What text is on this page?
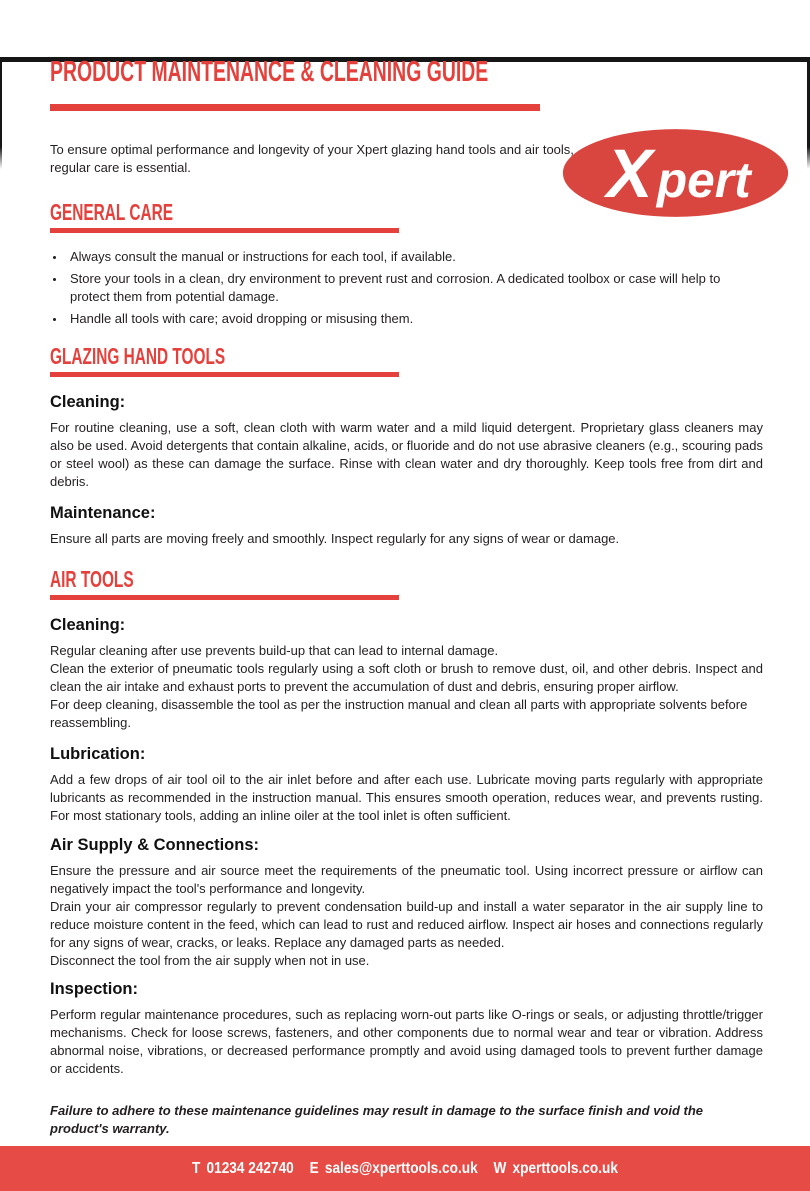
X pert
PRODUCT MAINTENANCE & CLEANING GUIDE

To ensure optimal performance and longevity of your Xpert glazing hand tools and air tools, regular care is essential.

GENERAL CARE
Always consult the manual or instructions for each tool, if available.
Store your tools in a clean, dry environment to prevent rust and corrosion. A dedicated toolbox or case will help to protect them from potential damage.
Handle all tools with care; avoid dropping or misusing them.
GLAZING HAND TOOLS
Cleaning:

For routine cleaning, use a soft, clean cloth with warm water and a mild liquid detergent. Proprietary glass cleaners may also be used. Avoid detergents that contain alkaline, acids, or fluoride and do not use abrasive cleaners (e.g., scouring pads or steel wool) as these can damage the surface. Rinse with clean water and dry thoroughly. Keep tools free from dirt and debris.

Maintenance:

Ensure all parts are moving freely and smoothly. Inspect regularly for any signs of wear or damage.

AIR TOOLS
Cleaning:

Regular cleaning after use prevents build-up that can lead to internal damage.

Clean the exterior of pneumatic tools regularly using a soft cloth or brush to remove dust, oil, and other debris. Inspect and clean the air intake and exhaust ports to prevent the accumulation of dust and debris, ensuring proper airflow.

For deep cleaning, disassemble the tool as per the instruction manual and clean all parts with appropriate solvents before reassembling.

Lubrication:

Add a few drops of air tool oil to the air inlet before and after each use. Lubricate moving parts regularly with appropriate lubricants as recommended in the instruction manual. This ensures smooth operation, reduces wear, and prevents rusting. For most stationary tools, adding an inline oiler at the tool inlet is often sufficient.

Air Supply & Connections:

Ensure the pressure and air source meet the requirements of the pneumatic tool. Using incorrect pressure or airflow can negatively impact the tool's performance and longevity.

Drain your air compressor regularly to prevent condensation build-up and install a water separator in the air supply line to reduce moisture content in the feed, which can lead to rust and reduced airflow. Inspect air hoses and connections regularly for any signs of wear, cracks, or leaks. Replace any damaged parts as needed.

Disconnect the tool from the air supply when not in use.

Inspection:

Perform regular maintenance procedures, such as replacing worn-out parts like O-rings or seals, or adjusting throttle/trigger mechanisms. Check for loose screws, fasteners, and other components due to normal wear and tear or vibration. Address abnormal noise, vibrations, or decreased performance promptly and avoid using damaged tools to prevent further damage or accidents.

Failure to adhere to these maintenance guidelines may result in damage to the surface finish and void the product's warranty.

T 01234 242740 E sales@xperttools.co.uk W xperttools.co.uk
